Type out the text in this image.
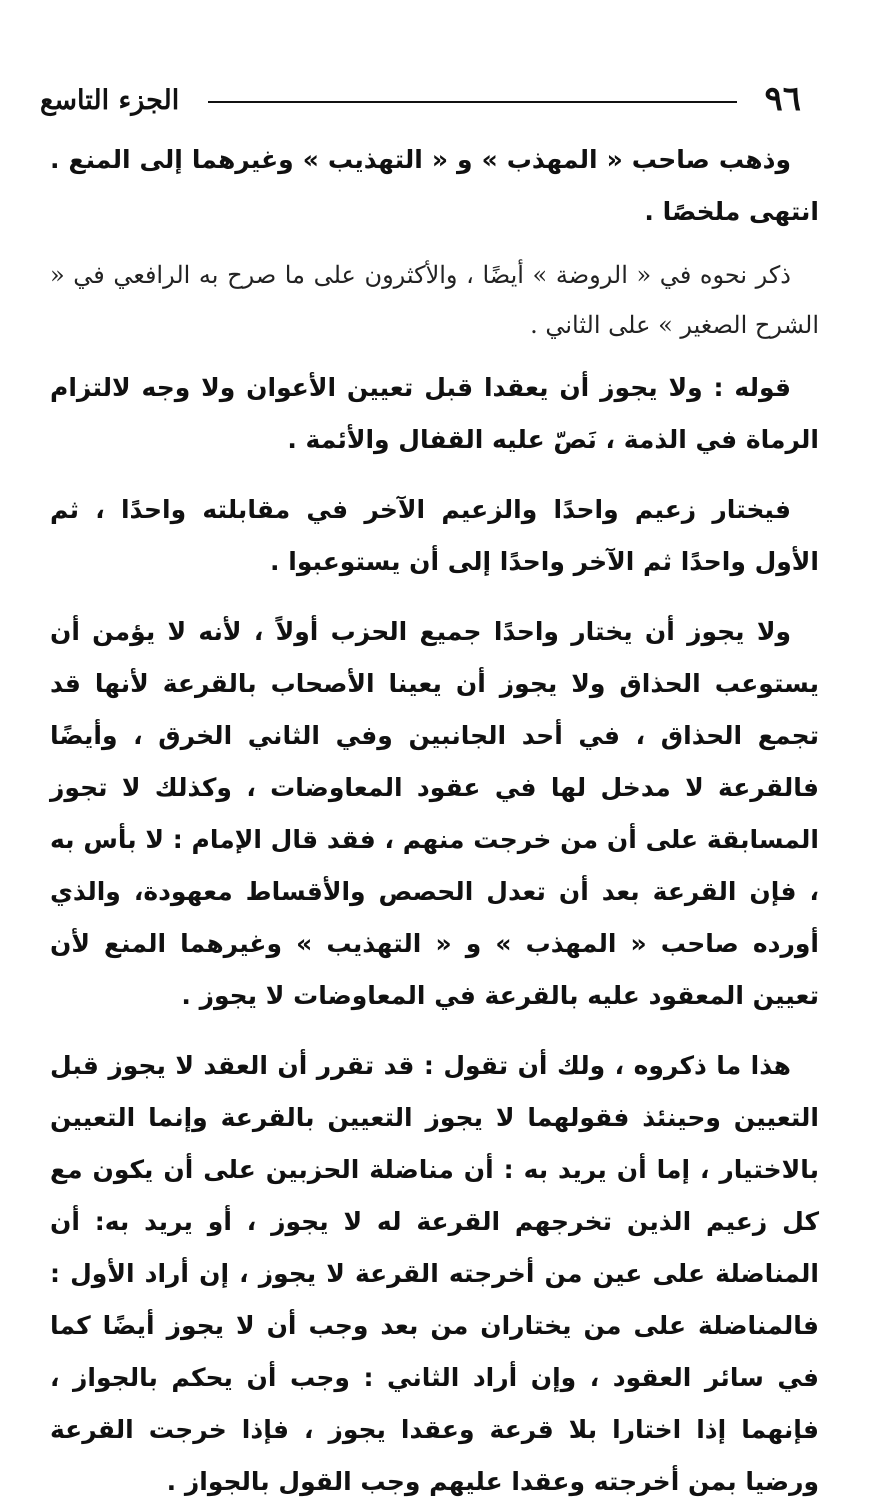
الجزء التاسع	٩٦

وذهب صاحب « المهذب » و « التهذيب » وغيرهما إلى المنع . انتهى ملخصًا .

ذكر نحوه في « الروضة » أيضًا ، والأكثرون على ما صرح به الرافعي في « الشرح الصغير » على الثاني .

قوله : ولا يجوز أن يعقدا قبل تعيين الأعوان ولا وجه لالتزام الرماة في الذمة ، نَصّ عليه القفال والأئمة .

فيختار زعيم واحدًا والزعيم الآخر في مقابلته واحدًا ، ثم الأول واحدًا ثم الآخر واحدًا إلى أن يستوعبوا .

ولا يجوز أن يختار واحدًا جميع الحزب أولاً ، لأنه لا يؤمن أن يستوعب الحذاق ولا يجوز أن يعينا الأصحاب بالقرعة لأنها قد تجمع الحذاق ، في أحد الجانبين وفي الثاني الخرق ، وأيضًا فالقرعة لا مدخل لها في عقود المعاوضات ، وكذلك لا تجوز المسابقة على أن من خرجت منهم ، فقد قال الإمام : لا بأس به ، فإن القرعة بعد أن تعدل الحصص والأقساط معهودة، والذي أورده صاحب « المهذب » و « التهذيب » وغيرهما المنع لأن تعيين المعقود عليه بالقرعة في المعاوضات لا يجوز .

هذا ما ذكروه ، ولك أن تقول : قد تقرر أن العقد لا يجوز قبل التعيين وحينئذ فقولهما لا يجوز التعيين بالقرعة وإنما التعيين بالاختيار ، إما أن يريد به : أن مناضلة الحزبين على أن يكون مع كل زعيم الذين تخرجهم القرعة له لا يجوز ، أو يريد به: أن المناضلة على عين من أخرجته القرعة لا يجوز ، إن أراد الأول : فالمناضلة على من يختاران من بعد وجب أن لا يجوز أيضًا كما في سائر العقود ، وإن أراد الثاني : وجب أن يحكم بالجواز ، فإنهما إذا اختارا بلا قرعة وعقدا يجوز ، فإذا خرجت القرعة ورضيا بمن أخرجته وعقدا عليهم وجب القول بالجواز .
